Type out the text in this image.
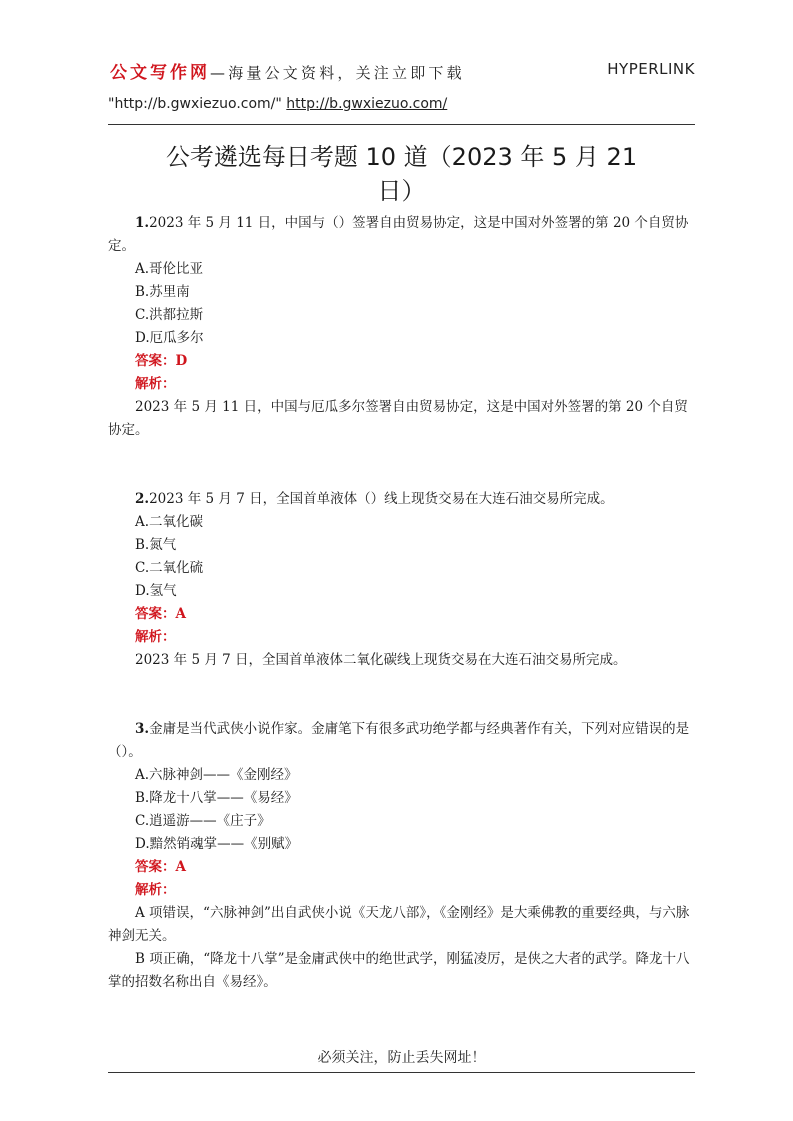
公文写作网—海量公文资料，关注立即下载	HYPERLINK
"http://b.gwxiezuo.com/" http://b.gwxiezuo.com/
公考遴选每日考题 10 道（2023 年 5 月 21
日）

1.2023 年 5 月 11 日，中国与（）签署自由贸易协定，这是中国对外签署的第 20 个自贸协定。

A.哥伦比亚

B.苏里南

C.洪都拉斯

D.厄瓜多尔

答案：D

解析：

2023 年 5 月 11 日，中国与厄瓜多尔签署自由贸易协定，这是中国对外签署的第 20 个自贸协定。

2.2023 年 5 月 7 日，全国首单液体（）线上现货交易在大连石油交易所完成。

A.二氧化碳

B.氮气

C.二氧化硫

D.氢气

答案：A

解析：

2023 年 5 月 7 日，全国首单液体二氧化碳线上现货交易在大连石油交易所完成。

3.金庸是当代武侠小说作家。金庸笔下有很多武功绝学都与经典著作有关，下列对应错误的是（）。

A.六脉神剑——《金刚经》

B.降龙十八掌——《易经》

C.逍遥游——《庄子》

D.黯然销魂掌——《别赋》

答案：A

解析：

A 项错误，“六脉神剑”出自武侠小说《天龙八部》，《金刚经》是大乘佛教的重要经典，与六脉神剑无关。

B 项正确，“降龙十八掌”是金庸武侠中的绝世武学，刚猛凌厉，是侠之大者的武学。降龙十八掌的招数名称出自《易经》。

必须关注，防止丢失网址！
